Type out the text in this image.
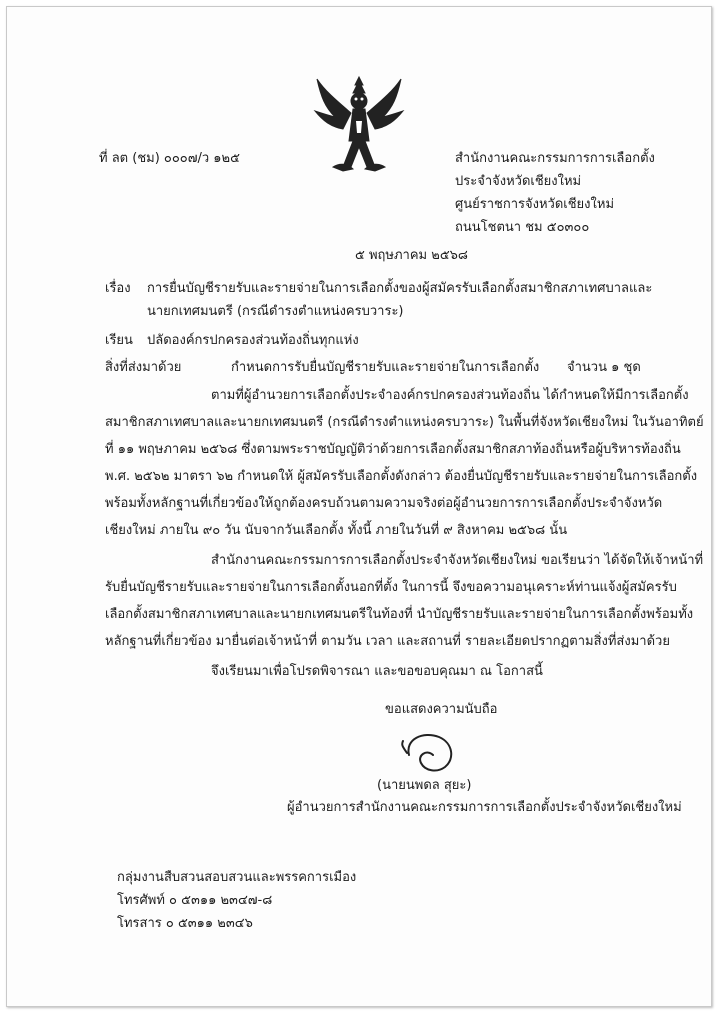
ที่ ลต (ชม) ๐๐๐๗/ว ๑๒๕	สำนักงานคณะกรรมการการเลือกตั้ง
ประจำจังหวัดเชียงใหม่
ศูนย์ราชการจังหวัดเชียงใหม่
ถนนโชตนา ชม ๕๐๓๐๐
๕ พฤษภาคม ๒๕๖๘
เรื่อง การยื่นบัญชีรายรับและรายจ่ายในการเลือกตั้งของผู้สมัครรับเลือกตั้งสมาชิกสภาเทศบาลและ
นายกเทศมนตรี (กรณีดำรงตำแหน่งครบวาระ)
เรียน ปลัดองค์กรปกครองส่วนท้องถิ่นทุกแห่ง
สิ่งที่ส่งมาด้วย	กำหนดการรับยื่นบัญชีรายรับและรายจ่ายในการเลือกตั้ง จำนวน ๑ ชุด
ตามที่ผู้อำนวยการเลือกตั้งประจำองค์กรปกครองส่วนท้องถิ่น ได้กำหนดให้มีการเลือกตั้ง
สมาชิกสภาเทศบาลและนายกเทศมนตรี (กรณีดำรงตำแหน่งครบวาระ) ในพื้นที่จังหวัดเชียงใหม่ ในวันอาทิตย์
ที่ ๑๑ พฤษภาคม ๒๕๖๘ ซึ่งตามพระราชบัญญัติว่าด้วยการเลือกตั้งสมาชิกสภาท้องถิ่นหรือผู้บริหารท้องถิ่น
พ.ศ. ๒๕๖๒ มาตรา ๖๒ กำหนดให้ ผู้สมัครรับเลือกตั้งดังกล่าว ต้องยื่นบัญชีรายรับและรายจ่ายในการเลือกตั้ง
พร้อมทั้งหลักฐานที่เกี่ยวข้องให้ถูกต้องครบถ้วนตามความจริงต่อผู้อำนวยการการเลือกตั้งประจำจังหวัด
เชียงใหม่ ภายใน ๙๐ วัน นับจากวันเลือกตั้ง ทั้งนี้ ภายในวันที่ ๙ สิงหาคม ๒๕๖๘ นั้น
สำนักงานคณะกรรมการการเลือกตั้งประจำจังหวัดเชียงใหม่ ขอเรียนว่า ได้จัดให้เจ้าหน้าที่
รับยื่นบัญชีรายรับและรายจ่ายในการเลือกตั้งนอกที่ตั้ง ในการนี้ จึงขอความอนุเคราะห์ท่านแจ้งผู้สมัครรับ
เลือกตั้งสมาชิกสภาเทศบาลและนายกเทศมนตรีในท้องที่ นำบัญชีรายรับและรายจ่ายในการเลือกตั้งพร้อมทั้ง
หลักฐานที่เกี่ยวข้อง มายื่นต่อเจ้าหน้าที่ ตามวัน เวลา และสถานที่ รายละเอียดปรากฏตามสิ่งที่ส่งมาด้วย
จึงเรียนมาเพื่อโปรดพิจารณา และขอขอบคุณมา ณ โอกาสนี้
ขอแสดงความนับถือ
(นายนพดล สุยะ)
ผู้อำนวยการสำนักงานคณะกรรมการการเลือกตั้งประจำจังหวัดเชียงใหม่
กลุ่มงานสืบสวนสอบสวนและพรรคการเมือง
โทรศัพท์ ๐ ๕๓๑๑ ๒๓๔๗-๘
โทรสาร ๐ ๕๓๑๑ ๒๓๔๖
